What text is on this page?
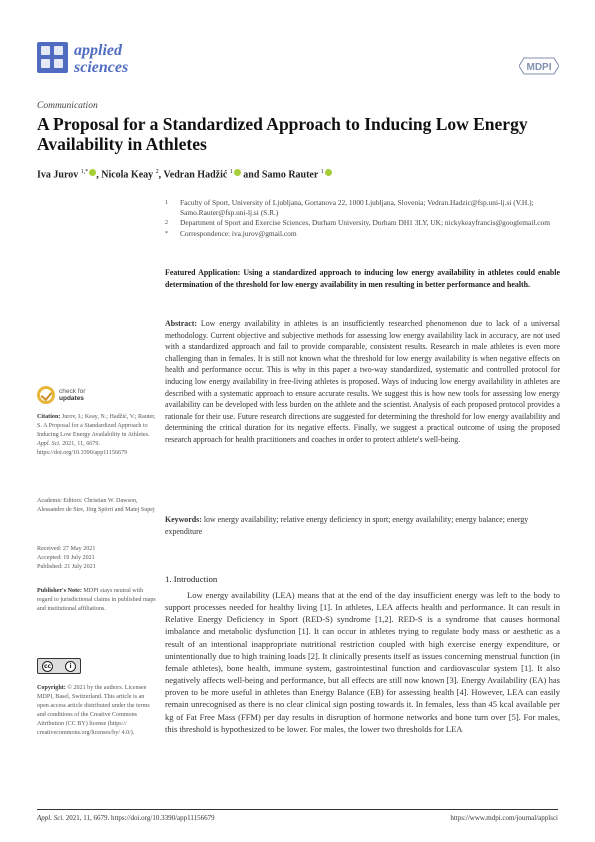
applied
sciences	MDPI
Communication
A Proposal for a Standardized Approach to Inducing Low Energy Availability in Athletes
Iva Jurov $^{1,*}$ , Nicola Keay $^2$, Vedran Hadžić $^1$ and Samo Rauter $^1$
1 Faculty of Sport, University of Ljubljana, Gortanova 22, 1000 Ljubljana, Slovenia; Vedran.Hadzic@fsp.uni-lj.si (V.H.); Samo.Rauter@fsp.uni-lj.si (S.R.)
2 Department of Sport and Exercise Sciences, Durham University, Durham DH1 3LY, UK; nickykeayfrancis@googlemail.com
* Correspondence: iva.jurov@gmail.com
Featured Application: Using a standardized approach to inducing low energy availability in athletes could enable determination of the threshold for low energy availability in men resulting in better performance and health.
Abstract: Low energy availability in athletes is an insufficiently researched phenomenon due to lack of a universal methodology. Current objective and subjective methods for assessing low energy availability lack in accuracy, are not used with a standardized approach and fail to provide comparable, consistent results. Research in male athletes is even more challenging than in females. It is still not known what the threshold for low energy availability is when negative effects on health and performance occur. This is why in this paper a two-way standardized, systematic and controlled protocol for inducing low energy availability in free-living athletes is proposed. Ways of inducing low energy availability in athletes are described with a systematic approach to ensure accurate results. We suggest this is how new tools for assessing low energy availability can be developed with less burden on the athlete and the scientist. Analysis of each proposed protocol provides a rationale for their use. Future research directions are suggested for determining the threshold for low energy availability and determining the critical duration for its negative effects. Finally, we suggest a practical outcome of using the proposed research approach for health practitioners and coaches in order to protect athlete's well-being.
Keywords: low energy availability; relative energy deficiency in sport; energy availability; energy balance; energy expenditure
check for
updates
Citation: Jurov, I.; Keay, N.; Hadžić, V.; Rauter, S. A Proposal for a Standardized Approach to Inducing Low Energy Availability in Athletes. Appl. Sci. 2021, 11, 6679. https://doi.org/10.3390/app11156679
Academic Editors: Christian W. Dawson, Alessandro de Sire, Jörg Spörri and Matej Supej
Received: 27 May 2021
Accepted: 19 July 2021
Published: 21 July 2021
Publisher's Note: MDPI stays neutral with regard to jurisdictional claims in published maps and institutional affiliations.
cc	i
Copyright: © 2021 by the authors. Licensee MDPI, Basel, Switzerland. This article is an open access article distributed under the terms and conditions of the Creative Commons Attribution (CC BY) license (https:// creativecommons.org/licenses/by/ 4.0/).
1. Introduction

Low energy availability (LEA) means that at the end of the day insufficient energy was left to the body to support processes needed for healthy living [1]. In athletes, LEA affects health and performance. It can result in Relative Energy Deficiency in Sport (RED-S) syndrome [1,2]. RED-S is a syndrome that causes hormonal imbalance and metabolic dysfunction [1]. It can occur in athletes trying to regulate body mass or aesthetic as a result of an intentional inappropriate nutritional restriction coupled with high exercise energy expenditure, or unintentionally due to high training loads [2]. It clinically presents itself as issues concerning menstrual function (in female athletes), bone health, immune system, gastrointestinal function and cardiovascular system [1]. It also negatively affects well-being and performance, but all effects are still now known [3]. Energy Availability (EA) has proven to be more useful in athletes than Energy Balance (EB) for assessing health [4]. However, LEA can easily remain unrecognised as there is no clear clinical sign posting towards it. In females, less than 45 kcal available per kg of Fat Free Mass (FFM) per day results in disruption of hormone networks and bone turn over [5]. For males, this threshold is hypothesized to be lower. For males, the lower two thresholds for LEA

Appl. Sci. 2021, 11, 6679. https://doi.org/10.3390/app11156679	https://www.mdpi.com/journal/applsci
